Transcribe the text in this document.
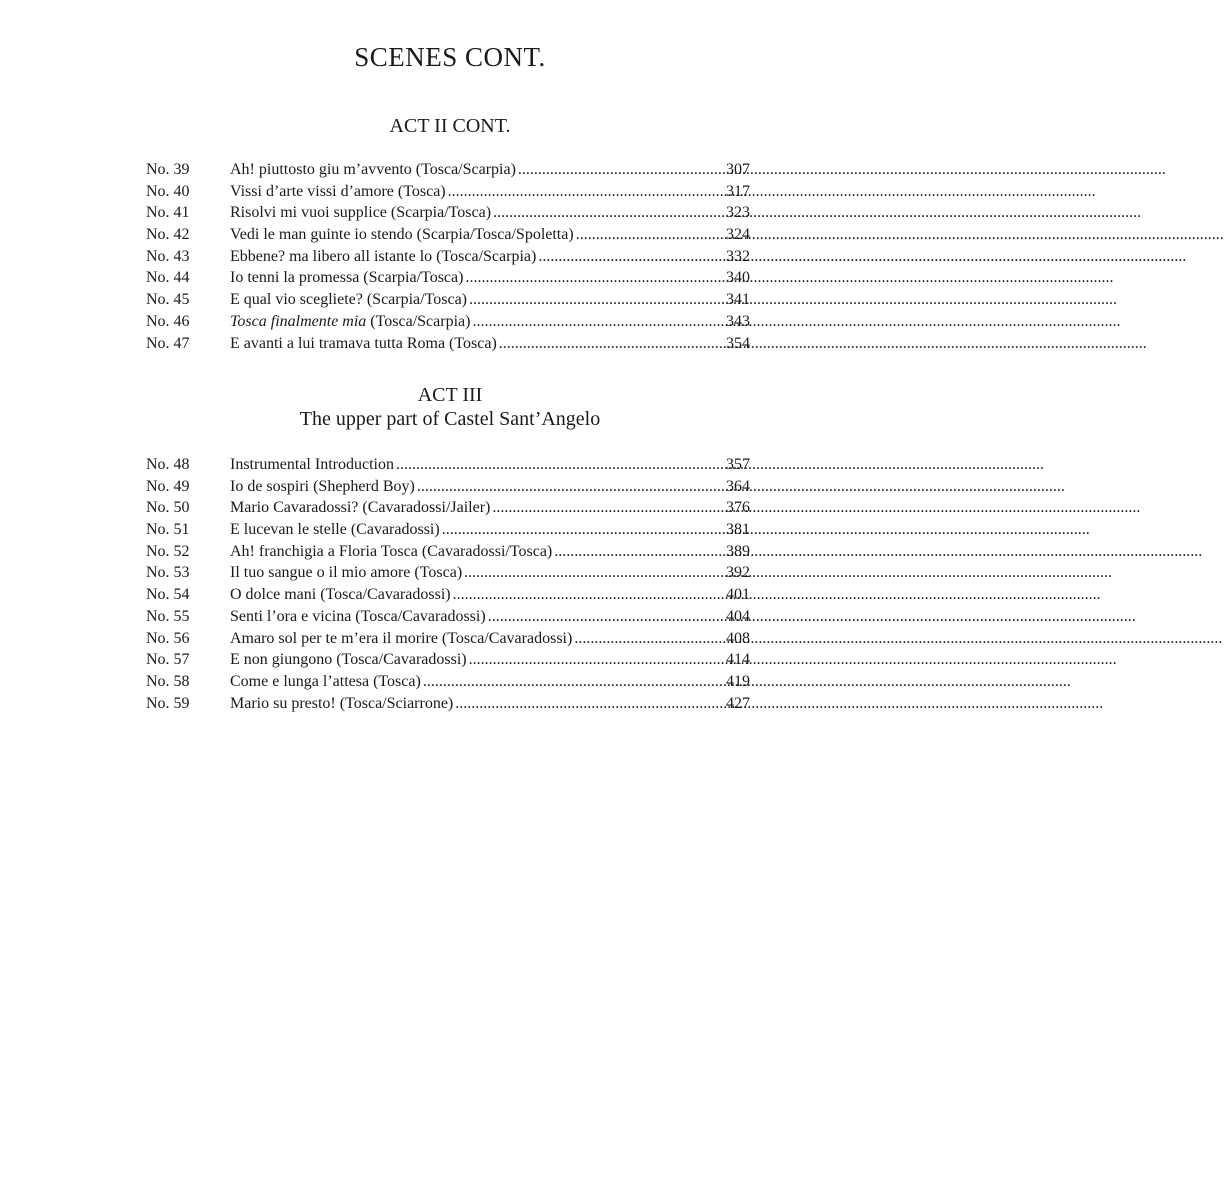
SCENES CONT.
ACT II CONT.
No. 39	Ah! piuttosto giu m’avvento (Tosca/Scarpia) .....	307
No. 40	Vissi d’arte vissi d’amore (Tosca) .....	317
No. 41	Risolvi mi vuoi supplice (Scarpia/Tosca) .....	323
No. 42	Vedi le man guinte io stendo (Scarpia/Tosca/Spoletta) .....	324
No. 43	Ebbene? ma libero all istante lo (Tosca/Scarpia) .....	332
No. 44	Io tenni la promessa (Scarpia/Tosca) .....	340
No. 45	E qual vio scegliete? (Scarpia/Tosca) .....	341
No. 46	Tosca finalmente mia (Tosca/Scarpia) .....	343
No. 47	E avanti a lui tramava tutta Roma (Tosca) .....	354
ACT III
The upper part of Castel Sant’Angelo
No. 48	Instrumental Introduction .....	357
No. 49	Io de sospiri (Shepherd Boy) .....	364
No. 50	Mario Cavaradossi? (Cavaradossi/Jailer) .....	376
No. 51	E lucevan le stelle (Cavaradossi) .....	381
No. 52	Ah! franchigia a Floria Tosca (Cavaradossi/Tosca) .....	389
No. 53	Il tuo sangue o il mio amore (Tosca) .....	392
No. 54	O dolce mani (Tosca/Cavaradossi) .....	401
No. 55	Senti l’ora e vicina (Tosca/Cavaradossi) .....	404
No. 56	Amaro sol per te m’era il morire (Tosca/Cavaradossi) .....	408
No. 57	E non giungono (Tosca/Cavaradossi) .....	414
No. 58	Come e lunga l’attesa (Tosca) .....	419
No. 59	Mario su presto! (Tosca/Sciarrone) .....	427
